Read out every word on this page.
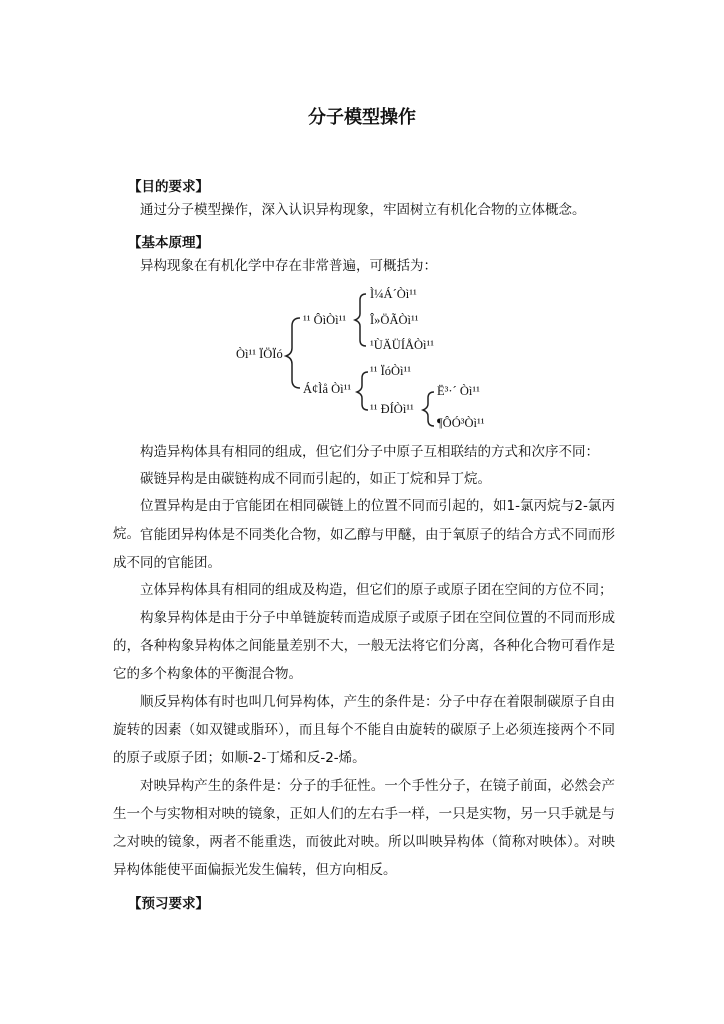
分子模型操作
【目的要求】
通过分子模型操作，深入认识异构现象，牢固树立有机化合物的立体概念。
【基本原理】
异构现象在有机化学中存在非常普遍，可概括为：
Òì¹¹ ÏÖÏó
¹¹ ÔìÒì¹¹
Ì¼Á´Òì¹¹
Î»ÖÃÒì¹¹
¹ÙÄÜÍÅÒì¹¹
Á¢Ìå Òì¹¹
¹¹ ÏóÒì¹¹
¹¹ ÐÍÒì¹¹
Ë³·´ Òì¹¹
¶ÔÓ³Òì¹¹
构造异构体具有相同的组成，但它们分子中原子互相联结的方式和次序不同：
碳链异构是由碳链构成不同而引起的，如正丁烷和异丁烷。
位置异构是由于官能团在相同碳链上的位置不同而引起的，如1-氯丙烷与2-氯丙烷。 官能团异构体是不同类化合物，如乙醇与甲醚，由于氧原子的结合方式不同而形成不同的官能团。
立体异构体具有相同的组成及构造，但它们的原子或原子团在空间的方位不同；
构象异构体是由于分子中单链旋转而造成原子或原子团在空间位置的不同而形成的，各种构象异构体之间能量差别不大，一般无法将它们分离，各种化合物可看作是它的多个构象体的平衡混合物。
顺反异构体有时也叫几何异构体，产生的条件是：分子中存在着限制碳原子自由旋转的因素（如双键或脂环），而且每个不能自由旋转的碳原子上必须连接两个不同的原子或原子团；如顺-2-丁烯和反-2-烯。
对映异构产生的条件是：分子的手征性。一个手性分子，在镜子前面，必然会产生一个与实物相对映的镜象，正如人们的左右手一样，一只是实物，另一只手就是与之对映的镜象，两者不能重迭，而彼此对映。所以叫映异构体（简称对映体）。对映异构体能使平面偏振光发生偏转，但方向相反。
【预习要求】
